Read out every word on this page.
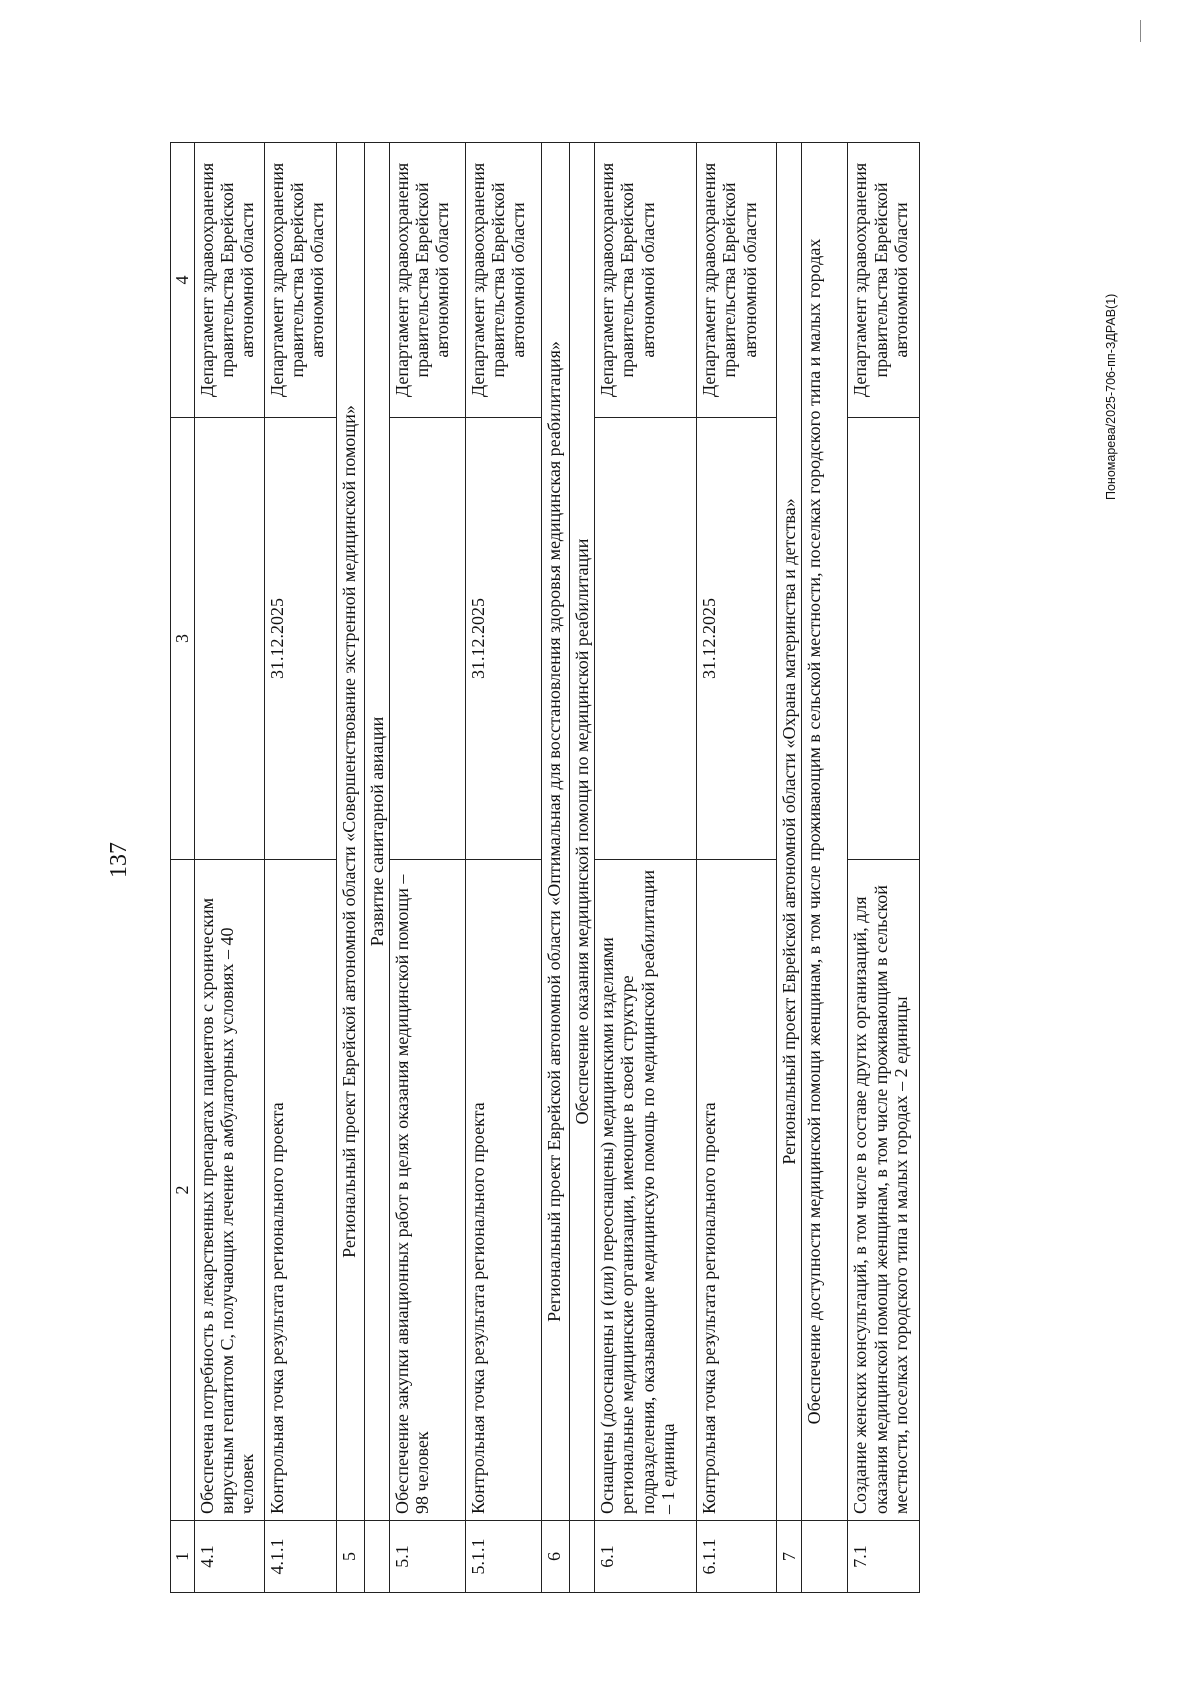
137
1	2	3	4
4.1	Обеспечена потребность в лекарственных препаратах пациентов с хроническим вирусным гепатитом С, получающих лечение в амбулаторных условиях – 40 человек		Департамент здравоохранения правительства Еврейской автономной области
4.1.1	Контрольная точка результата регионального проекта	31.12.2025	Департамент здравоохранения правительства Еврейской автономной области
5	Региональный проект Еврейской автономной области «Совершенствование экстренной медицинской помощи»		
	Развитие санитарной авиации		
5.1	Обеспечение закупки авиационных работ в целях оказания медицинской помощи – 98 человек		Департамент здравоохранения правительства Еврейской автономной области
5.1.1	Контрольная точка результата регионального проекта	31.12.2025	Департамент здравоохранения правительства Еврейской автономной области
6	Региональный проект Еврейской автономной области «Оптимальная для восстановления здоровья медицинская реабилитация»		
	Обеспечение оказания медицинской помощи по медицинской реабилитации		
6.1	Оснащены (дооснащены и (или) переоснащены) медицинскими изделиями региональные медицинские организации, имеющие в своей структуре подразделения, оказывающие медицинскую помощь по медицинской реабилитации – 1 единица		Департамент здравоохранения правительства Еврейской автономной области
6.1.1	Контрольная точка результата регионального проекта	31.12.2025	Департамент здравоохранения правительства Еврейской автономной области
7	Региональный проект Еврейской автономной области «Охрана материнства и детства»		
	Обеспечение доступности медицинской помощи женщинам, в том числе проживающим в сельской местности, поселках городского типа и малых городах		
7.1	Создание женских консультаций, в том числе в составе других организаций, для оказания медицинской помощи женщинам, в том числе проживающим в сельской местности, поселках городского типа и малых городах – 2 единицы		Департамент здравоохранения правительства Еврейской автономной области
Пономарева/2025-706-пп-ЗДРАВ(1)
